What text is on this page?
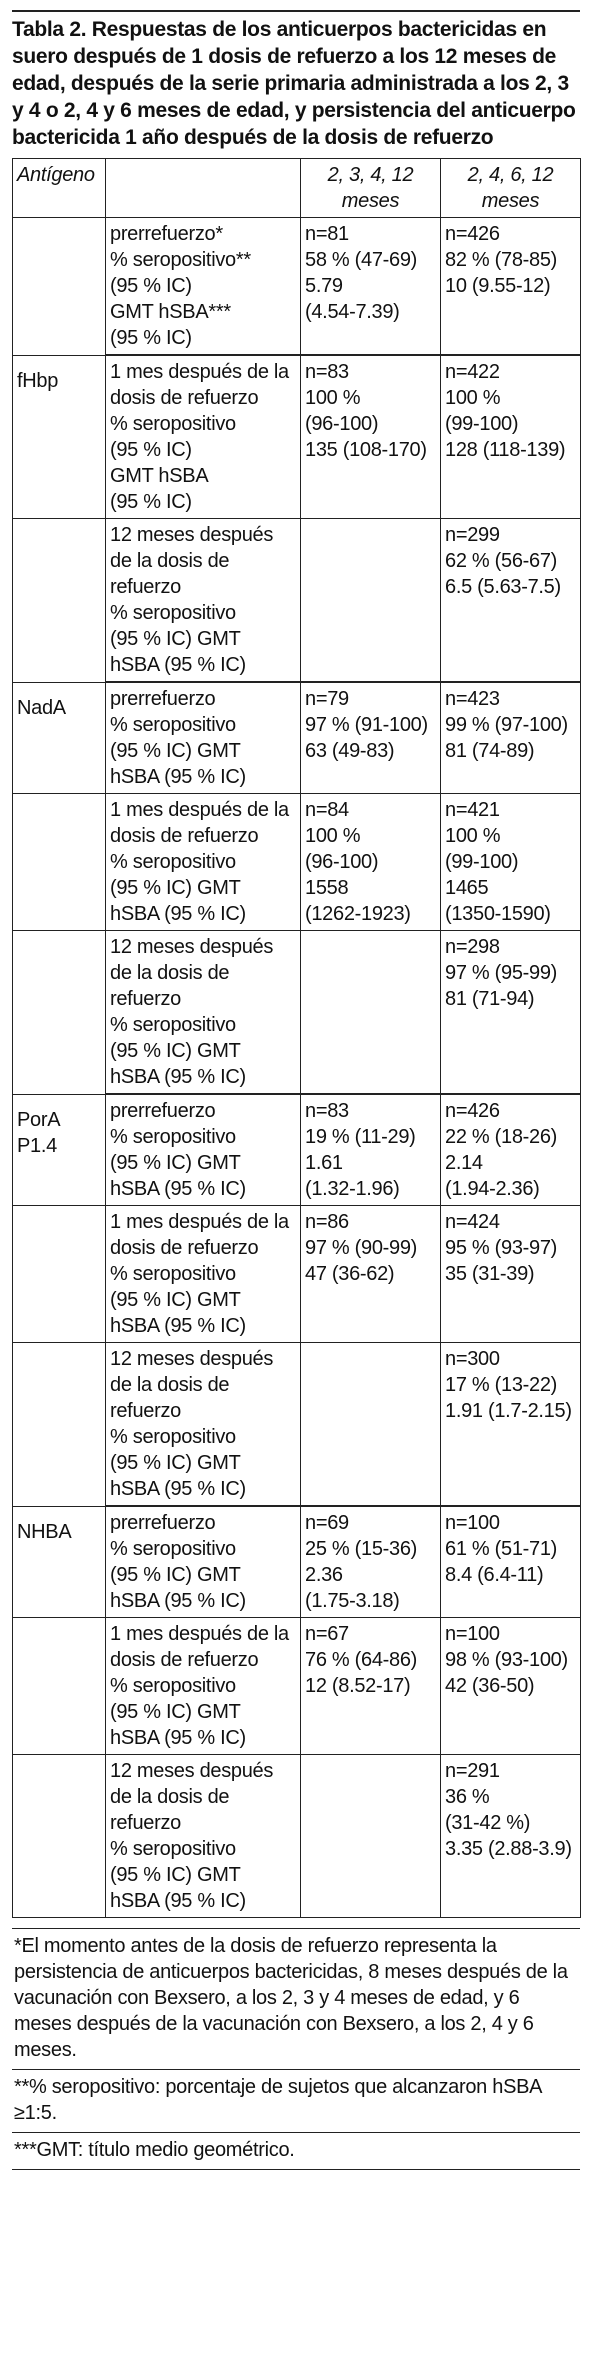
Tabla 2. Respuestas de los anticuerpos bactericidas en suero después de 1 dosis de refuerzo a los 12 meses de edad, después de la serie primaria administrada a los 2, 3 y 4 o 2, 4 y 6 meses de edad, y persistencia del anticuerpo bactericida 1 año después de la dosis de refuerzo
Antígeno		2, 3, 4, 12 meses	2, 4, 6, 12 meses
	prerrefuerzo*
% seropositivo**
(95 % IC)
GMT hSBA***
(95 % IC)	n=81
58 % (47-69)
5.79
(4.54-7.39)	n=426
82 % (78-85)
10 (9.55-12)
fHbp	1 mes después de la dosis de refuerzo
% seropositivo
(95 % IC)
GMT hSBA
(95 % IC)	n=83
100 %
(96-100)
135 (108-170)	n=422
100 %
(99-100)
128 (118-139)
	12 meses después de la dosis de refuerzo
% seropositivo
(95 % IC) GMT
hSBA (95 % IC)		n=299
62 % (56-67)
6.5 (5.63-7.5)
NadA	prerrefuerzo
% seropositivo
(95 % IC) GMT
hSBA (95 % IC)	n=79
97 % (91-100)
63 (49-83)	n=423
99 % (97-100)
81 (74-89)
	1 mes después de la dosis de refuerzo
% seropositivo
(95 % IC) GMT
hSBA (95 % IC)	n=84
100 %
(96-100)
1558
(1262-1923)	n=421
100 %
(99-100)
1465
(1350-1590)
	12 meses después de la dosis de refuerzo
% seropositivo
(95 % IC) GMT
hSBA (95 % IC)		n=298
97 % (95-99)
81 (71-94)
PorA P1.4	prerrefuerzo
% seropositivo
(95 % IC) GMT
hSBA (95 % IC)	n=83
19 % (11-29)
1.61
(1.32-1.96)	n=426
22 % (18-26)
2.14
(1.94-2.36)
	1 mes después de la dosis de refuerzo
% seropositivo
(95 % IC) GMT
hSBA (95 % IC)	n=86
97 % (90-99)
47 (36-62)	n=424
95 % (93-97)
35 (31-39)
	12 meses después de la dosis de refuerzo
% seropositivo
(95 % IC) GMT
hSBA (95 % IC)		n=300
17 % (13-22)
1.91 (1.7-2.15)
NHBA	prerrefuerzo
% seropositivo
(95 % IC) GMT
hSBA (95 % IC)	n=69
25 % (15-36)
2.36
(1.75-3.18)	n=100
61 % (51-71)
8.4 (6.4-11)
	1 mes después de la dosis de refuerzo
% seropositivo
(95 % IC) GMT
hSBA (95 % IC)	n=67
76 % (64-86)
12 (8.52-17)	n=100
98 % (93-100)
42 (36-50)
	12 meses después de la dosis de refuerzo
% seropositivo
(95 % IC) GMT
hSBA (95 % IC)		n=291
36 %
(31-42 %)
3.35 (2.88-3.9)

*El momento antes de la dosis de refuerzo representa la persistencia de anticuerpos bactericidas, 8 meses después de la vacunación con Bexsero, a los 2, 3 y 4 meses de edad, y 6 meses después de la vacunación con Bexsero, a los 2, 4 y 6 meses.

**% seropositivo: porcentaje de sujetos que alcanzaron hSBA ≥1:5.

***GMT: título medio geométrico.
